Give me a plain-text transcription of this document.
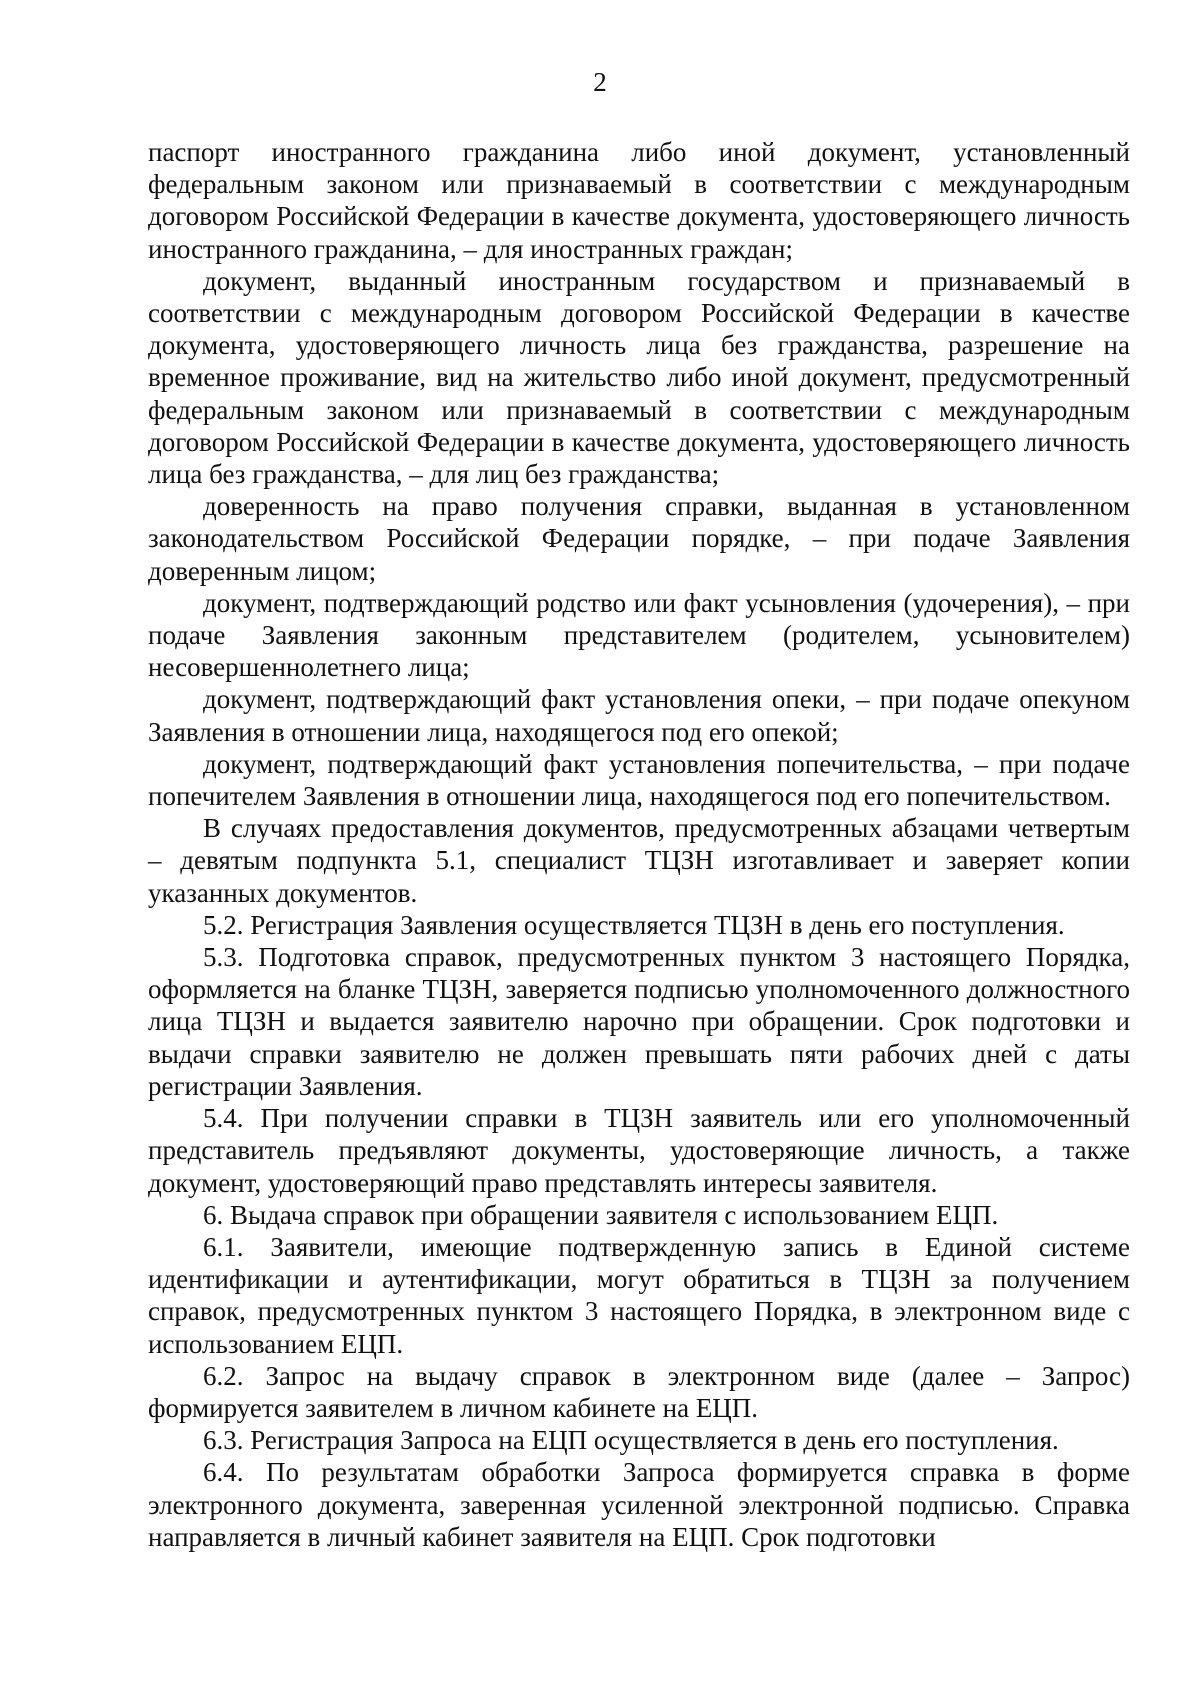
2

паспорт иностранного гражданина либо иной документ, установленный федеральным законом или признаваемый в соответствии с международным договором Российской Федерации в качестве документа, удостоверяющего личность иностранного гражданина, – для иностранных граждан;

документ, выданный иностранным государством и признаваемый в соответствии с международным договором Российской Федерации в качестве документа, удостоверяющего личность лица без гражданства, разрешение на временное проживание, вид на жительство либо иной документ, предусмотренный федеральным законом или признаваемый в соответствии с международным договором Российской Федерации в качестве документа, удостоверяющего личность лица без гражданства, – для лиц без гражданства;

доверенность на право получения справки, выданная в установленном законодательством Российской Федерации порядке, – при подаче Заявления доверенным лицом;

документ, подтверждающий родство или факт усыновления (удочерения), – при подаче Заявления законным представителем (родителем, усыновителем) несовершеннолетнего лица;

документ, подтверждающий факт установления опеки, – при подаче опекуном Заявления в отношении лица, находящегося под его опекой;

документ, подтверждающий факт установления попечительства, – при подаче попечителем Заявления в отношении лица, находящегося под его попечительством.

В случаях предоставления документов, предусмотренных абзацами четвертым – девятым подпункта 5.1, специалист ТЦЗН изготавливает и заверяет копии указанных документов.

5.2. Регистрация Заявления осуществляется ТЦЗН в день его поступления.

5.3. Подготовка справок, предусмотренных пунктом 3 настоящего Порядка, оформляется на бланке ТЦЗН, заверяется подписью уполномоченного должностного лица ТЦЗН и выдается заявителю нарочно при обращении. Срок подготовки и выдачи справки заявителю не должен превышать пяти рабочих дней с даты регистрации Заявления.

5.4. При получении справки в ТЦЗН заявитель или его уполномоченный представитель предъявляют документы, удостоверяющие личность, а также документ, удостоверяющий право представлять интересы заявителя.

6. Выдача справок при обращении заявителя с использованием ЕЦП.

6.1. Заявители, имеющие подтвержденную запись в Единой системе идентификации и аутентификации, могут обратиться в ТЦЗН за получением справок, предусмотренных пунктом 3 настоящего Порядка, в электронном виде с использованием ЕЦП.

6.2. Запрос на выдачу справок в электронном виде (далее – Запрос) формируется заявителем в личном кабинете на ЕЦП.

6.3. Регистрация Запроса на ЕЦП осуществляется в день его поступления.

6.4. По результатам обработки Запроса формируется справка в форме электронного документа, заверенная усиленной электронной подписью. Справка направляется в личный кабинет заявителя на ЕЦП. Срок подготовки
